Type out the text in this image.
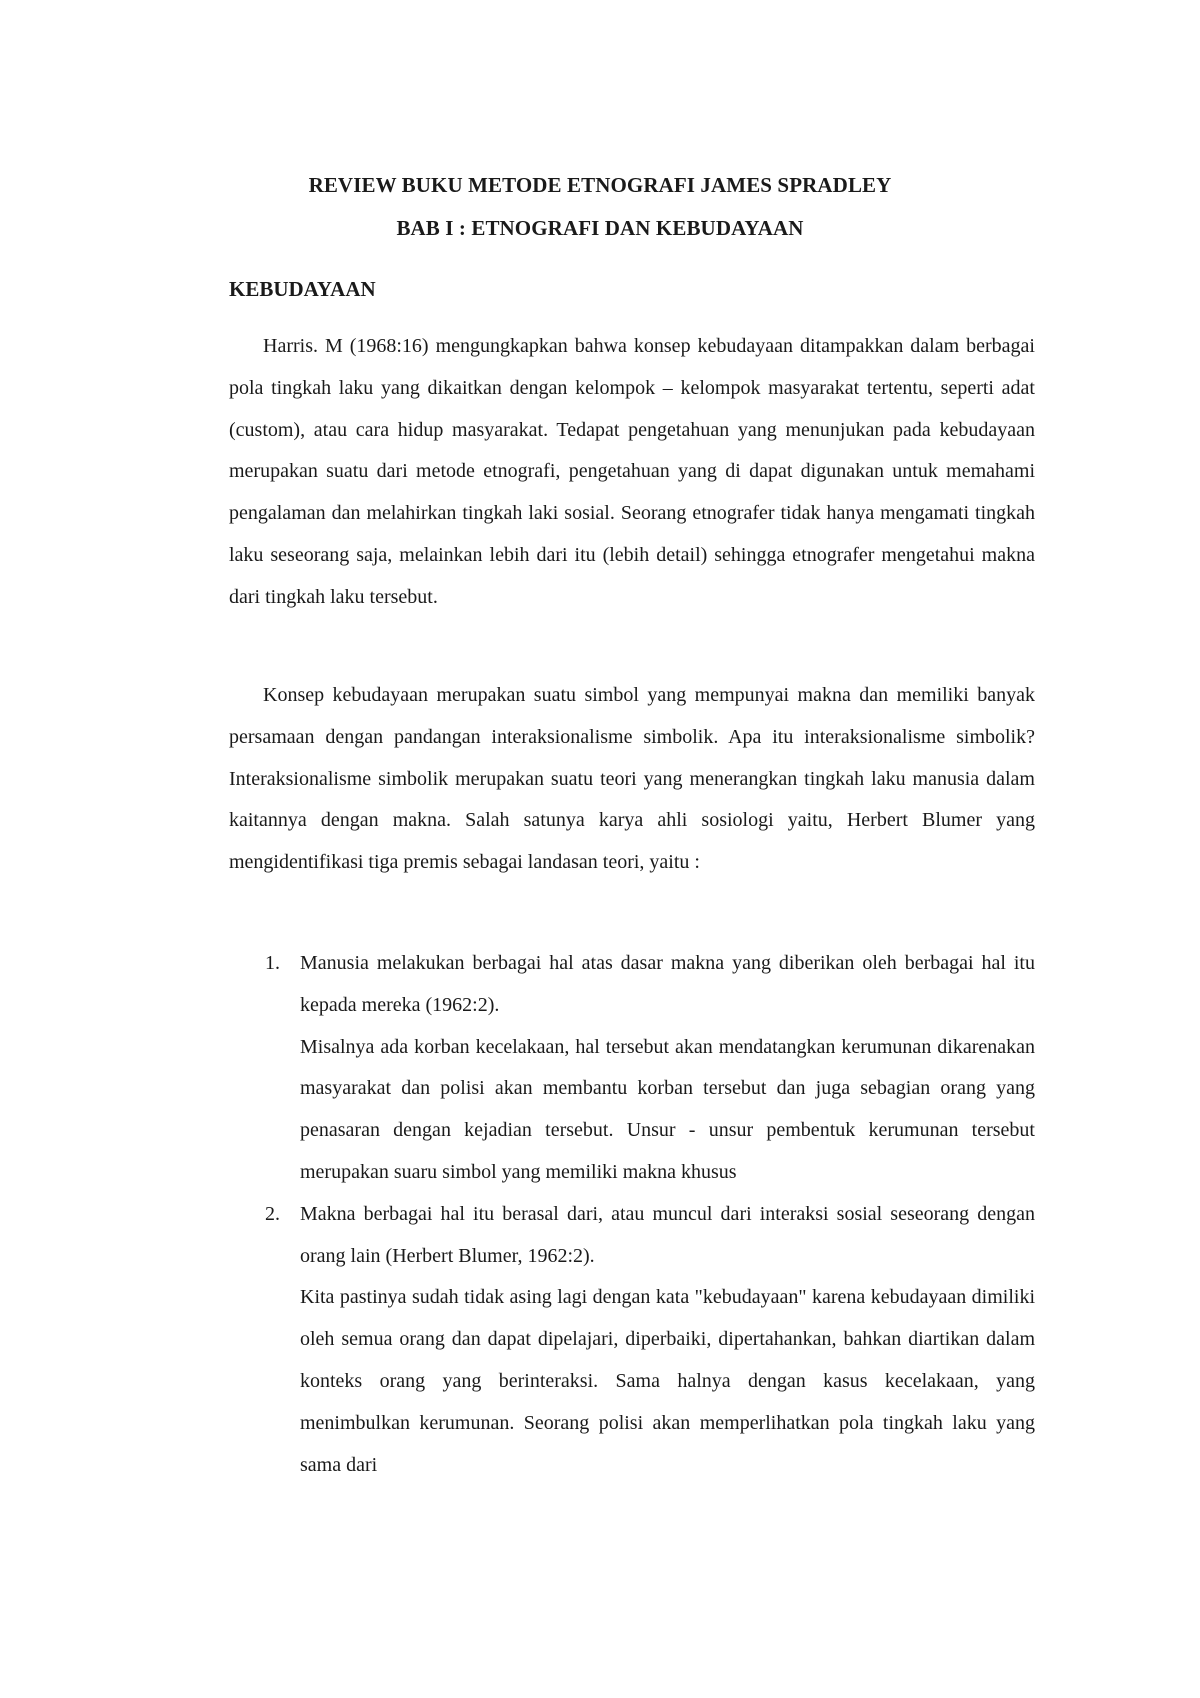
REVIEW BUKU METODE ETNOGRAFI JAMES SPRADLEY
BAB I : ETNOGRAFI DAN KEBUDAYAAN
KEBUDAYAAN

Harris. M (1968:16) mengungkapkan bahwa konsep kebudayaan ditampakkan dalam berbagai pola tingkah laku yang dikaitkan dengan kelompok – kelompok masyarakat tertentu, seperti adat (custom), atau cara hidup masyarakat. Tedapat pengetahuan yang menunjukan pada kebudayaan merupakan suatu dari metode etnografi, pengetahuan yang di dapat digunakan untuk memahami pengalaman dan melahirkan tingkah laki sosial. Seorang etnografer tidak hanya mengamati tingkah laku seseorang saja, melainkan lebih dari itu (lebih detail) sehingga etnografer mengetahui makna dari tingkah laku tersebut.

Konsep kebudayaan merupakan suatu simbol yang mempunyai makna dan memiliki banyak persamaan dengan pandangan interaksionalisme simbolik. Apa itu interaksionalisme simbolik? Interaksionalisme simbolik merupakan suatu teori yang menerangkan tingkah laku manusia dalam kaitannya dengan makna. Salah satunya karya ahli sosiologi yaitu, Herbert Blumer yang mengidentifikasi tiga premis sebagai landasan teori, yaitu :

1. Manusia melakukan berbagai hal atas dasar makna yang diberikan oleh berbagai hal itu kepada mereka (1962:2).

Misalnya ada korban kecelakaan, hal tersebut akan mendatangkan kerumunan dikarenakan masyarakat dan polisi akan membantu korban tersebut dan juga sebagian orang yang penasaran dengan kejadian tersebut. Unsur - unsur pembentuk kerumunan tersebut merupakan suaru simbol yang memiliki makna khusus

2. Makna berbagai hal itu berasal dari, atau muncul dari interaksi sosial seseorang dengan orang lain (Herbert Blumer, 1962:2).

Kita pastinya sudah tidak asing lagi dengan kata "kebudayaan" karena kebudayaan dimiliki oleh semua orang dan dapat dipelajari, diperbaiki, dipertahankan, bahkan diartikan dalam konteks orang yang berinteraksi. Sama halnya dengan kasus kecelakaan, yang menimbulkan kerumunan. Seorang polisi akan memperlihatkan pola tingkah laku yang sama dari
